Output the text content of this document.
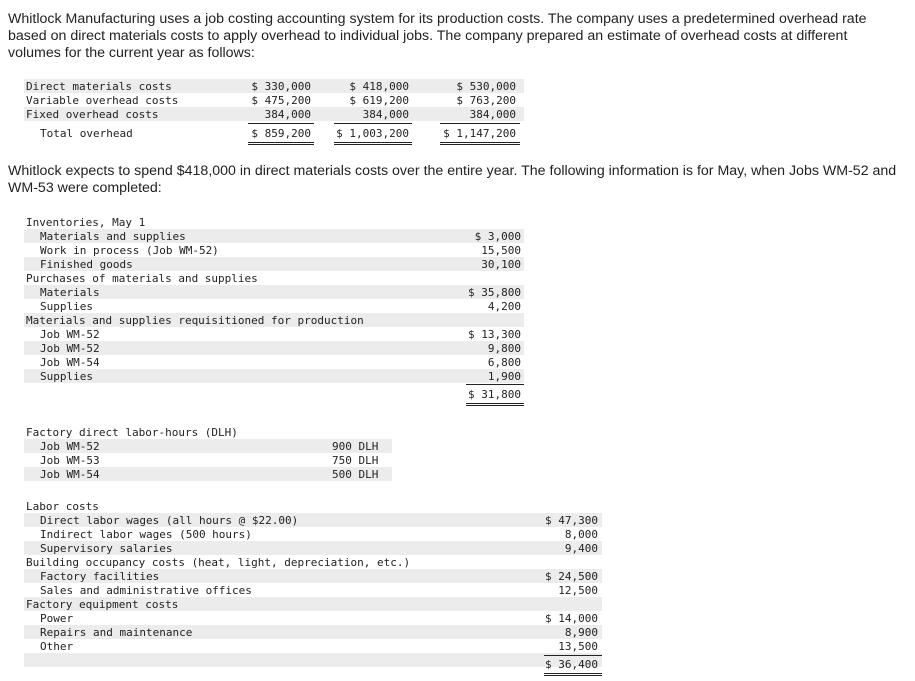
Whitlock Manufacturing uses a job costing accounting system for its production costs. The company uses a predetermined overhead rate based on direct materials costs to apply overhead to individual jobs. The company prepared an estimate of overhead costs at different volumes for the current year as follows:
Direct materials costs	$ 330,000	$ 418,000	$ 530,000
Variable overhead costs	$ 475,200	$ 619,200	$ 763,200
Fixed overhead costs	384,000	384,000	384,000
Total overhead	$ 859,200	$ 1,003,200	$ 1,147,200
Whitlock expects to spend $418,000 in direct materials costs over the entire year. The following information is for May, when Jobs WM-52 and WM-53 were completed:
Inventories, May 1
Materials and supplies	$ 3,000
Work in process (Job WM-52)	15,500
Finished goods	30,100
Purchases of materials and supplies
Materials	$ 35,800
Supplies	4,200
Materials and supplies requisitioned for production
Job WM-52	$ 13,300
Job WM-52	9,800
Job WM-54	6,800
Supplies	1,900
$ 31,800
Factory direct labor-hours (DLH)
Job WM-52	900 DLH
Job WM-53	750 DLH
Job WM-54	500 DLH
Labor costs
Direct labor wages (all hours @ $22.00)	$ 47,300
Indirect labor wages (500 hours)	8,000
Supervisory salaries	9,400
Building occupancy costs (heat, light, depreciation, etc.)
Factory facilities	$ 24,500
Sales and administrative offices	12,500
Factory equipment costs
Power	$ 14,000
Repairs and maintenance	8,900
Other	13,500
$ 36,400
